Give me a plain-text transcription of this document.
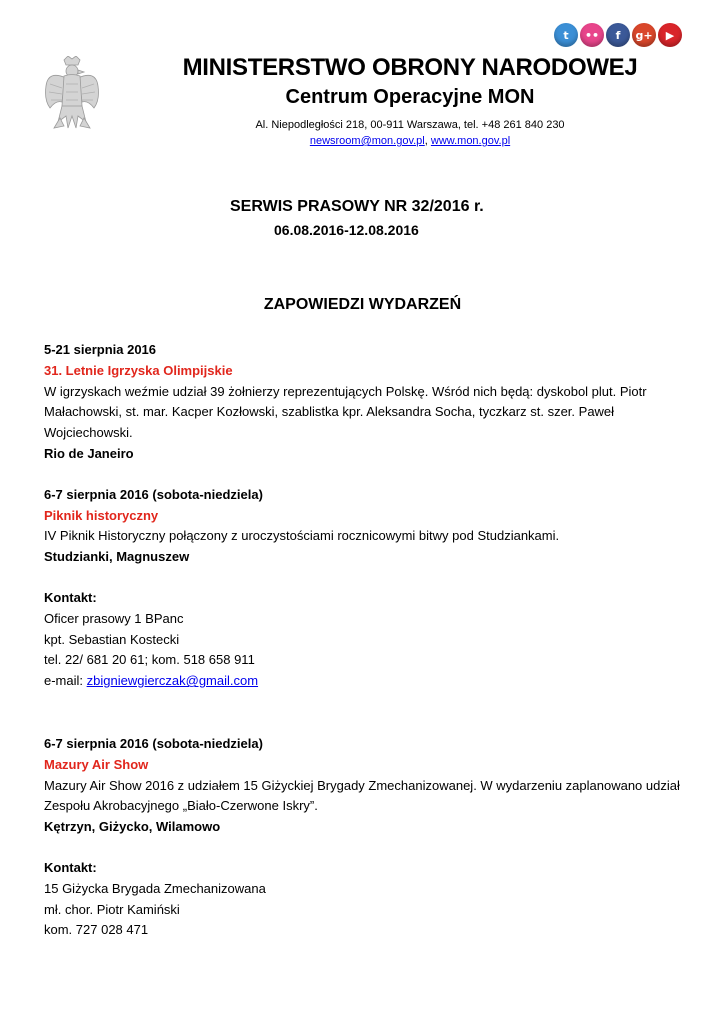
t	••	f	g+	▶
MINISTERSTWO OBRONY NARODOWEJ
Centrum Operacyjne MON
Al. Niepodległości 218, 00-911 Warszawa, tel. +48 261 840 230
newsroom@mon.gov.pl, www.mon.gov.pl
SERWIS PRASOWY NR 32/2016 r.
06.08.2016-12.08.2016
ZAPOWIEDZI WYDARZEŃ

5-21 sierpnia 2016

31. Letnie Igrzyska Olimpijskie

W igrzyskach weźmie udział 39 żołnierzy reprezentujących Polskę. Wśród nich będą: dyskobol plut. Piotr Małachowski, st. mar. Kacper Kozłowski, szablistka kpr. Aleksandra Socha, tyczkarz st. szer. Paweł Wojciechowski.

Rio de Janeiro

6-7 sierpnia 2016 (sobota-niedziela)

Piknik historyczny

IV Piknik Historyczny połączony z uroczystościami rocznicowymi bitwy pod Studziankami.

Studzianki, Magnuszew

Kontakt:

Oficer prasowy 1 BPanc

kpt. Sebastian Kostecki

tel. 22/ 681 20 61; kom. 518 658 911

e-mail: zbigniewgierczak@gmail.com

6-7 sierpnia 2016 (sobota-niedziela)

Mazury Air Show

Mazury Air Show 2016 z udziałem 15 Giżyckiej Brygady Zmechanizowanej. W wydarzeniu zaplanowano udział Zespołu Akrobacyjnego „Biało-Czerwone Iskry”.

Kętrzyn, Giżycko, Wilamowo

Kontakt:

15 Giżycka Brygada Zmechanizowana

mł. chor. Piotr Kamiński

kom. 727 028 471
